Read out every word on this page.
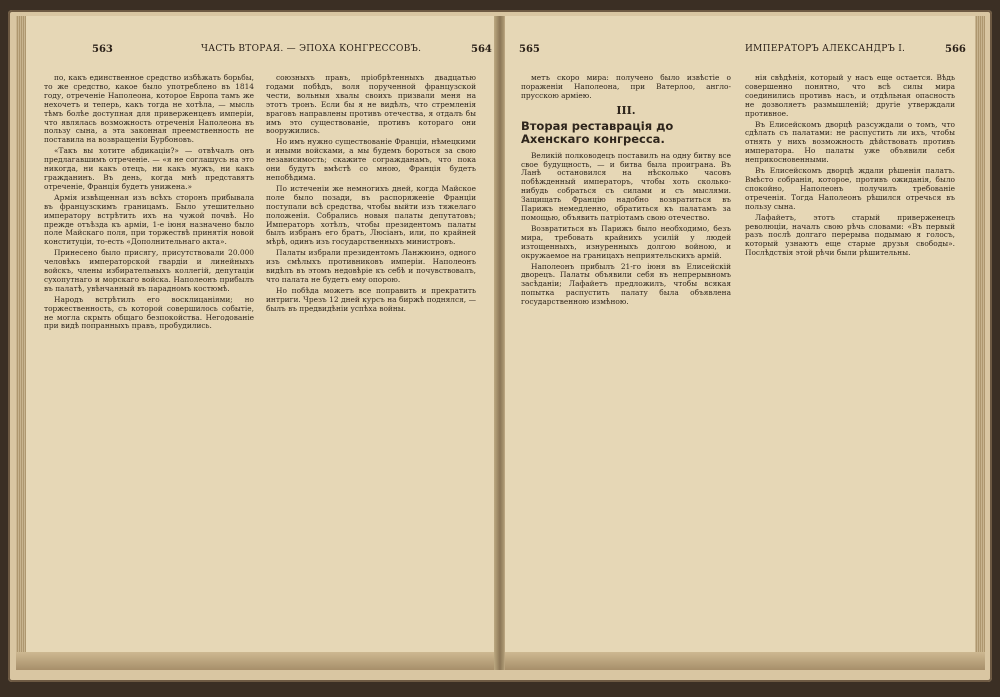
563	ЧАСТЬ ВТОРАЯ. — ЭПОХА КОНГРЕССОВЪ.	564

по, какъ единственное средство избѣжать борьбы, то же средство, какое было употреблено въ 1814 году, отреченіе Наполеона, которое Европа тамъ же нехочетъ и теперь, какъ тогда не хотѣла, — мысль тѣмъ болѣе доступная для приверженцевъ имперіи, что являлась возможность отреченія Наполеона въ пользу сына, а эта законная преемственность не поставила на возвращеніи Бурбоновъ.

«Такъ вы хотите абдикаціи?» — отвѣчалъ онъ предлагавшимъ отреченіе. — «я не соглашусь на это никогда, ни какъ отецъ, ни какъ мужъ, ни какъ гражданинъ. Въ день, когда мнѣ представятъ отреченіе, Франція будетъ унижена.»

Армія извѣщенная изъ всѣхъ сторонъ прибывала въ французскимъ границамъ. Было утешительно императору встрѣтить ихъ на чужой почвѣ. Но прежде отъѣзда къ арміи, 1-е іюня назначено было поле Майскаго поля, при торжествѣ принятія новой конституціи, то-есть «Дополнительнаго акта».

Принесено было присягу, присутствовали 20.000 человѣкъ императорской гвардіи и линейныхъ войскъ, члены избирательныхъ коллегій, депутаціи сухопутнаго и морскаго войска. Наполеонъ прибылъ въ палатѣ, увѣнчанный въ парадномъ костюмѣ.

Народъ встрѣтилъ его восклицаніями; но торжественность, съ которой совершилось событіе, не могла скрыть общаго безпокойства. Негодованіе при видѣ попранныхъ правъ, пробудились.

союзныхъ правъ, пріобрѣтенныхъ двадцатью годами побѣдъ, воля порученной французской чести, вольныя хвалы своихъ призвали меня на этотъ тронъ. Если бы я не видѣлъ, что стремленія враговъ направлены противъ отечества, я отдалъ бы имъ это существованіе, противъ котораго они вооружились.

Но имъ нужно существованіе Франціи, нѣмецкими и иными войсками, а мы будемъ бороться за свою независимость; скажите согражданамъ, что пока они будутъ вмѣстѣ со мною, Франція будетъ непобѣдима.

По истеченіи же немногихъ дней, когда Майское поле было позади, въ распоряженіе Франціи поступали всѣ средства, чтобы выйти изъ тяжелаго положенія. Собрались новыя палаты депутатовъ; Императоръ хотѣлъ, чтобы президентомъ палаты былъ избранъ его братъ, Люсіанъ, или, по крайней мѣрѣ, одинъ изъ государственныхъ министровъ.

Палаты избрали президентомъ Ланжюинэ, одного изъ смѣлыхъ противниковъ имперіи. Наполеонъ видѣлъ въ этомъ недовѣріе къ себѣ и почувствовалъ, что палата не будетъ ему опорою.

Но побѣда можетъ все поправить и прекратить интриги. Чрезъ 12 дней курсъ на биржѣ поднялся, — былъ въ предвидѣніи успѣха войны.

565	ИМПЕРАТОРЪ АЛЕКСАНДРЪ I.	566

метъ скоро мира: получено было извѣстіе о пораженіи Наполеона, при Ватерлоо, англо-прусскою арміею.

III.
Вторая реставрація до Ахенскаго конгресса.

Великій полководецъ поставилъ на одну битву все свое будущность, — и битва была проиграна. Въ Ланѣ остановился на нѣсколько часовъ побѣжденный императоръ, чтобы хоть сколько-нибудь собраться съ силами и съ мыслями. Защищать Францію надобно возвратиться въ Парижъ немедленно, обратиться къ палатамъ за помощью, объявить патріотамъ свою отечество.

Возвратиться въ Парижъ было необходимо, безъ мира, требовать крайнихъ усилій у людей изтощенныхъ, изнуренныхъ долгою войною, и окружаемое на границахъ неприятельскихъ армій.

Наполеонъ прибылъ 21-го іюня въ Елисейскій дворецъ. Палаты объявили себя въ непрерывномъ засѣданіи; Лафайетъ предложилъ, чтобы всякая попытка распустить палату была объявлена государственною измѣною.

нія свѣдѣнія, который у насъ еще остается. Вѣдь совершенно понятно, что всѣ силы мира соединились противъ насъ, и отдѣльная опасность не дозволяетъ размышленій; другіе утверждали противное.

Въ Елисейскомъ дворцѣ разсуждали о томъ, что сдѣлать съ палатами: не распустить ли ихъ, чтобы отнять у нихъ возможность дѣйствовать противъ императора. Но палаты уже объявили себя неприкосновенными.

Въ Елисейскомъ дворцѣ ждали рѣшенія палатъ. Вмѣсто собранія, которое, противъ ожиданія, было спокойно, Наполеонъ получилъ требованіе отреченія. Тогда Наполеонъ рѣшился отречься въ пользу сына.

Лафайетъ, этотъ старый приверженецъ революціи, началъ свою рѣчь словами: «Въ первый разъ послѣ долгаго перерыва подымаю я голосъ, который узнаютъ еще старые друзья свободы». Послѣдствія этой рѣчи были рѣшительны.
